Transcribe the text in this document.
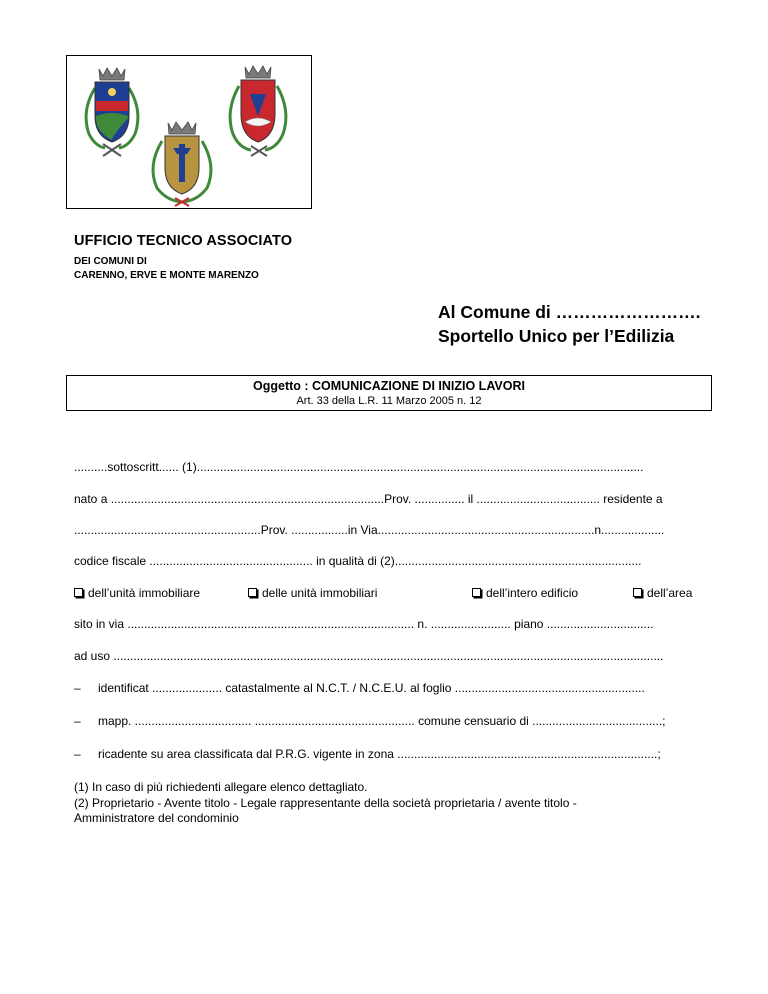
UFFICIO TECNICO ASSOCIATO
DEI COMUNI DI
CARENNO, ERVE E MONTE MARENZO
Al Comune di …………………….
Sportello Unico per l’Edilizia
Oggetto : COMUNICAZIONE DI INIZIO LAVORI
Art. 33 della L.R. 11 Marzo 2005 n. 12
..........sottoscritt...... (1)......................................................................................................................................
nato a ..................................................................................Prov. ............... il ..................................... residente a
........................................................Prov. .................in Via.................................................................n...................
codice fiscale ................................................. in qualità di (2)..........................................................................
dell’unità immobiliare	delle unità immobiliari	dell’intero edificio	dell’area
sito in via ...................................................................................... n. ........................ piano ................................
ad uso .....................................................................................................................................................................
– identificat ..................... catastalmente al N.C.T. / N.C.E.U. al foglio .........................................................
– mapp. ................................... ................................................ comune censuario di .......................................;
– ricadente su area classificata dal P.R.G. vigente in zona ..............................................................................;
(1) In caso di più richiedenti allegare elenco dettagliato.
(2) Proprietario - Avente titolo - Legale rappresentante della società proprietaria / avente titolo -
Amministratore del condominio
